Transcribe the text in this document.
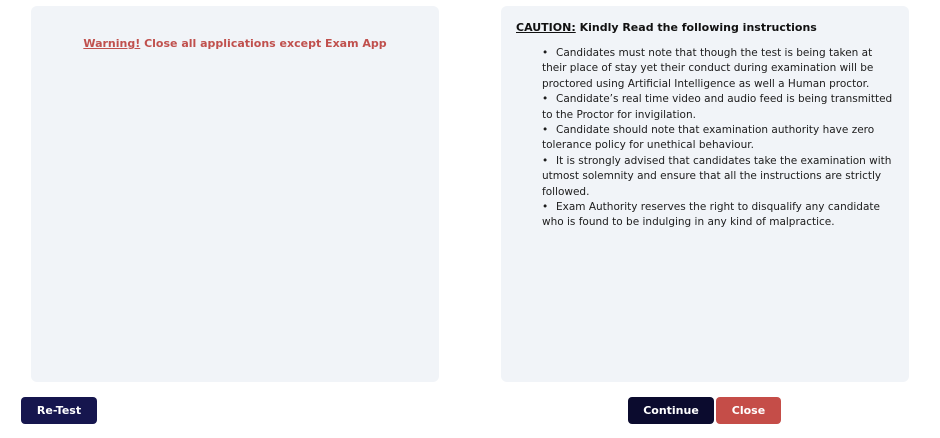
Warning! Close all applications except Exam App
CAUTION: Kindly Read the following instructions
• Candidates must note that though the test is being taken at their place of stay yet their conduct during examination will be proctored using Artificial Intelligence as well a Human proctor.
• Candidate’s real time video and audio feed is being transmitted to the Proctor for invigilation.
• Candidate should note that examination authority have zero tolerance policy for unethical behaviour.
• It is strongly advised that candidates take the examination with utmost solemnity and ensure that all the instructions are strictly followed.
• Exam Authority reserves the right to disqualify any candidate who is found to be indulging in any kind of malpractice.
Re-Test	Continue	Close
